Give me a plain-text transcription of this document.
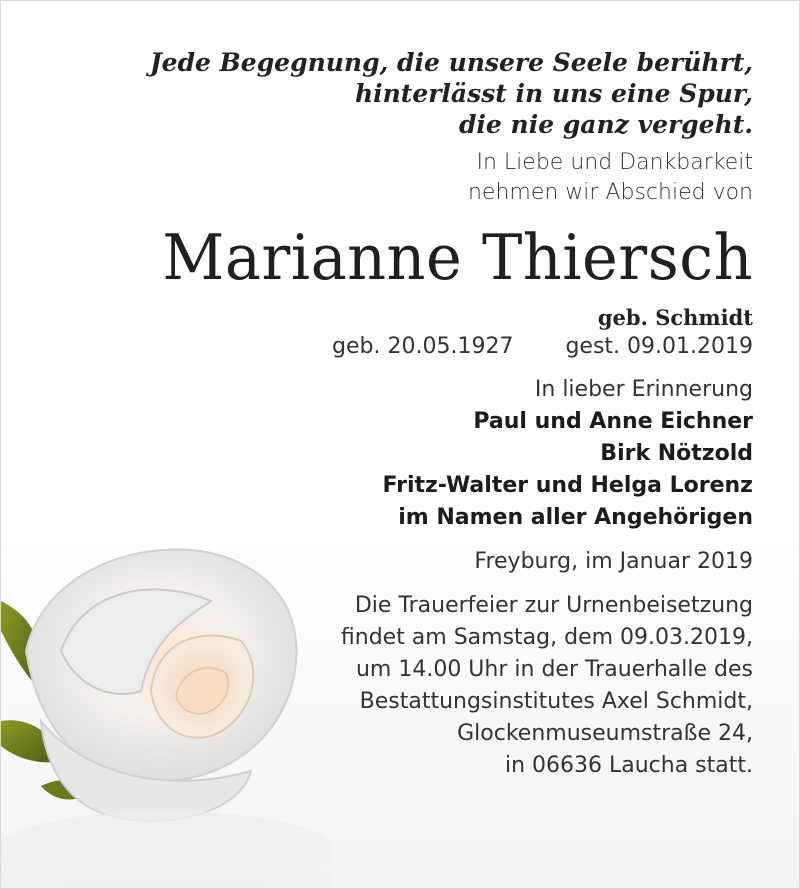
Jede Begegnung, die unsere Seele berührt,
hinterlässt in uns eine Spur,
die nie ganz vergeht.
In Liebe und Dankbarkeit
nehmen wir Abschied von
Marianne Thiersch
geb. Schmidt
geb. 20.05.1927 gest. 09.01.2019
In lieber Erinnerung
Paul und Anne Eichner
Birk Nötzold
Fritz-Walter und Helga Lorenz
im Namen aller Angehörigen
Freyburg, im Januar 2019
Die Trauerfeier zur Urnenbeisetzung
findet am Samstag, dem 09.03.2019,
um 14.00 Uhr in der Trauerhalle des
Bestattungsinstitutes Axel Schmidt,
Glockenmuseumstraße 24,
in 06636 Laucha statt.
